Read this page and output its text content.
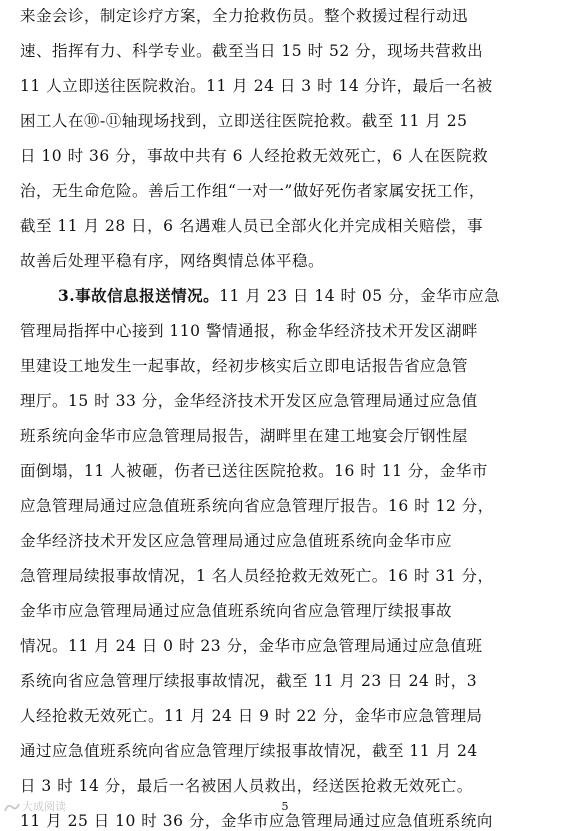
来金会诊，制定诊疗方案，全力抢救伤员。整个救援过程行动迅
速、指挥有力、科学专业。截至当日 15 时 52 分，现场共营救出
11 人立即送往医院救治。11 月 24 日 3 时 14 分许，最后一名被
困工人在⑩-⑪轴现场找到，立即送往医院抢救。截至 11 月 25
日 10 时 36 分，事故中共有 6 人经抢救无效死亡，6 人在医院救
治，无生命危险。善后工作组“一对一”做好死伤者家属安抚工作，
截至 11 月 28 日，6 名遇难人员已全部火化并完成相关赔偿，事
故善后处理平稳有序，网络舆情总体平稳。
3.事故信息报送情况。11 月 23 日 14 时 05 分，金华市应急
管理局指挥中心接到 110 警情通报，称金华经济技术开发区湖畔
里建设工地发生一起事故，经初步核实后立即电话报告省应急管
理厅。15 时 33 分，金华经济技术开发区应急管理局通过应急值
班系统向金华市应急管理局报告，湖畔里在建工地宴会厅钢性屋
面倒塌，11 人被砸，伤者已送往医院抢救。16 时 11 分，金华市
应急管理局通过应急值班系统向省应急管理厅报告。16 时 12 分，
金华经济技术开发区应急管理局通过应急值班系统向金华市应
急管理局续报事故情况，1 名人员经抢救无效死亡。16 时 31 分，
金华市应急管理局通过应急值班系统向省应急管理厅续报事故
情况。11 月 24 日 0 时 23 分，金华市应急管理局通过应急值班
系统向省应急管理厅续报事故情况，截至 11 月 23 日 24 时，3
人经抢救无效死亡。11 月 24 日 9 时 22 分，金华市应急管理局
通过应急值班系统向省应急管理厅续报事故情况，截至 11 月 24
日 3 时 14 分，最后一名被困人员救出，经送医抢救无效死亡。
11 月 25 日 10 时 36 分，金华市应急管理局通过应急值班系统向
5
大成阅读
